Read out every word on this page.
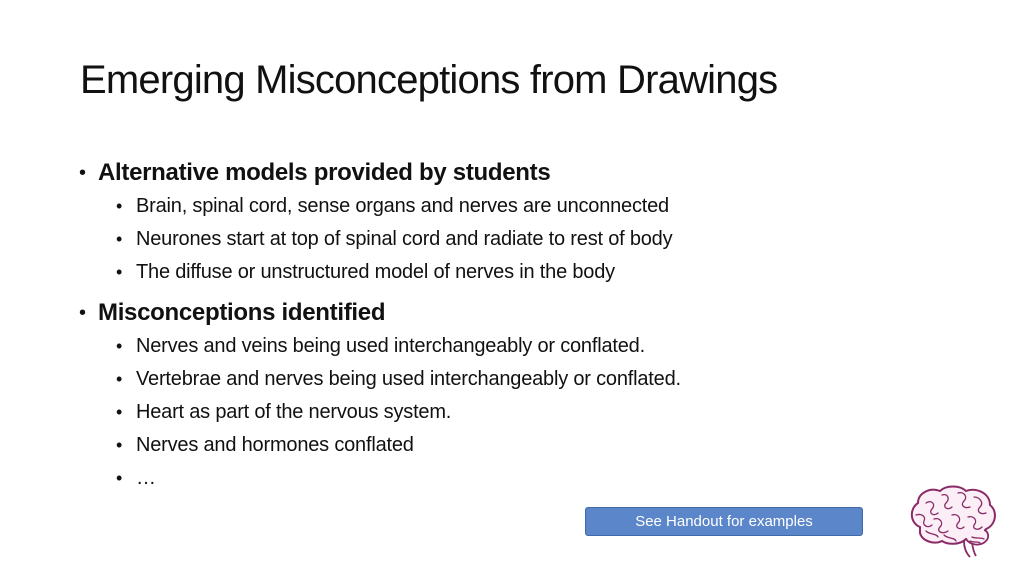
Emerging Misconceptions from Drawings
• Alternative models provided by students
• Brain, spinal cord, sense organs and nerves are unconnected
• Neurones start at top of spinal cord and radiate to rest of body
• The diffuse or unstructured model of nerves in the body
• Misconceptions identified
• Nerves and veins being used interchangeably or conflated.
• Vertebrae and nerves being used interchangeably or conflated.
• Heart as part of the nervous system.
• Nerves and hormones conflated
• …
See Handout for examples
